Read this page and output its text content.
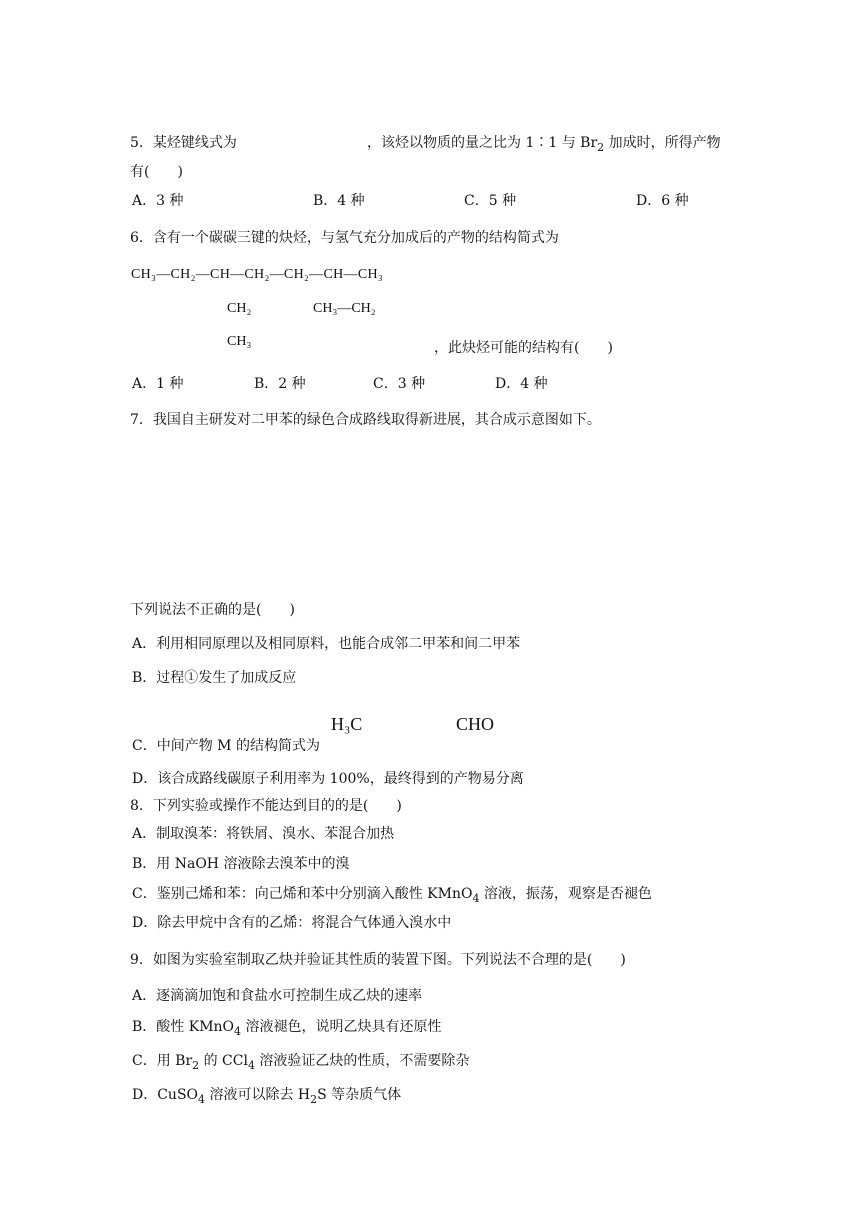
5．某烃键线式为	，该烃以物质的量之比为 1∶1 与 $Br_2$ 加成时，所得产物
有(　　)
A．3 种	B．4 种	C．5 种	D．6 种
6．含有一个碳碳三键的炔烃，与氢气充分加成后的产物的结构简式为
CH₃—CH₂—CH—CH₂—CH₂—CH—CH₃
CH₂
CH₃
CH₃—CH₂
，此炔烃可能的结构有(　　)
A．1 种	B．2 种	C．3 种	D．4 种
7．我国自主研发对二甲苯的绿色合成路线取得新进展，其合成示意图如下。
H₂C═C—CH═CH₂
CH₃
异戊二烯
O
H₂C═CH—C—H
丙烯醛
过程①
+
M 过程②	对二甲苯
催化剂
下列说法不正确的是(　　)
A．利用相同原理以及相同原料，也能合成邻二甲苯和间二甲苯
B．过程①发生了加成反应
C．中间产物 M 的结构简式为
H₃C	CHO
D．该合成路线碳原子利用率为 100%，最终得到的产物易分离
8．下列实验或操作不能达到目的的是(　　)
A．制取溴苯：将铁屑、溴水、苯混合加热
B．用 NaOH 溶液除去溴苯中的溴
C．鉴别己烯和苯：向己烯和苯中分别滴入酸性 KMnO$_4$ 溶液，振荡，观察是否褪色
D．除去甲烷中含有的乙烯：将混合气体通入溴水中
9．如图为实验室制取乙炔并验证其性质的装置下图。下列说法不合理的是(　　)
A．逐滴滴加饱和食盐水可控制生成乙炔的速率
B．酸性 KMnO$_4$ 溶液褪色，说明乙炔具有还原性
C．用 $Br_2$ 的 CCl$_4$ 溶液验证乙炔的性质，不需要除杂
D．CuSO$_4$ 溶液可以除去 $H_2S$ 等杂质气体
饱和食盐水
电石 CuSO₄
溶液
酸性
KMnO₄
溶液
